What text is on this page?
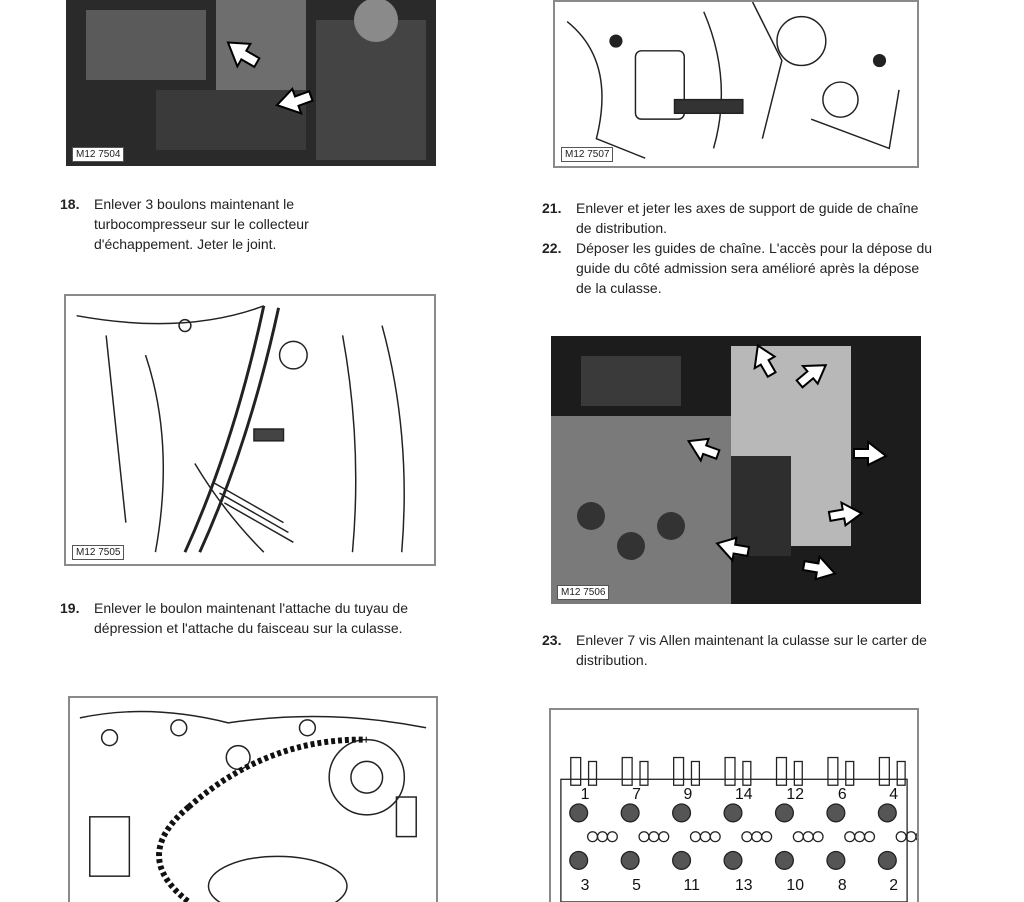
M12 7504	M12 7507
18. Enlever 3 boulons maintenant le turbocompresseur sur le collecteur d'échappement. Jeter le joint.
21. Enlever et jeter les axes de support de guide de chaîne de distribution.
22. Déposer les guides de chaîne. L'accès pour la dépose du guide du côté admission sera amélioré après la dépose de la culasse.
M12 7505
M12 7506
19. Enlever le boulon maintenant l'attache du tuyau de dépression et l'attache du faisceau sur la culasse.
23. Enlever 7 vis Allen maintenant la culasse sur le carter de distribution.
1
3
7
5
9
11
14
13
12
10
6
8
4
2
